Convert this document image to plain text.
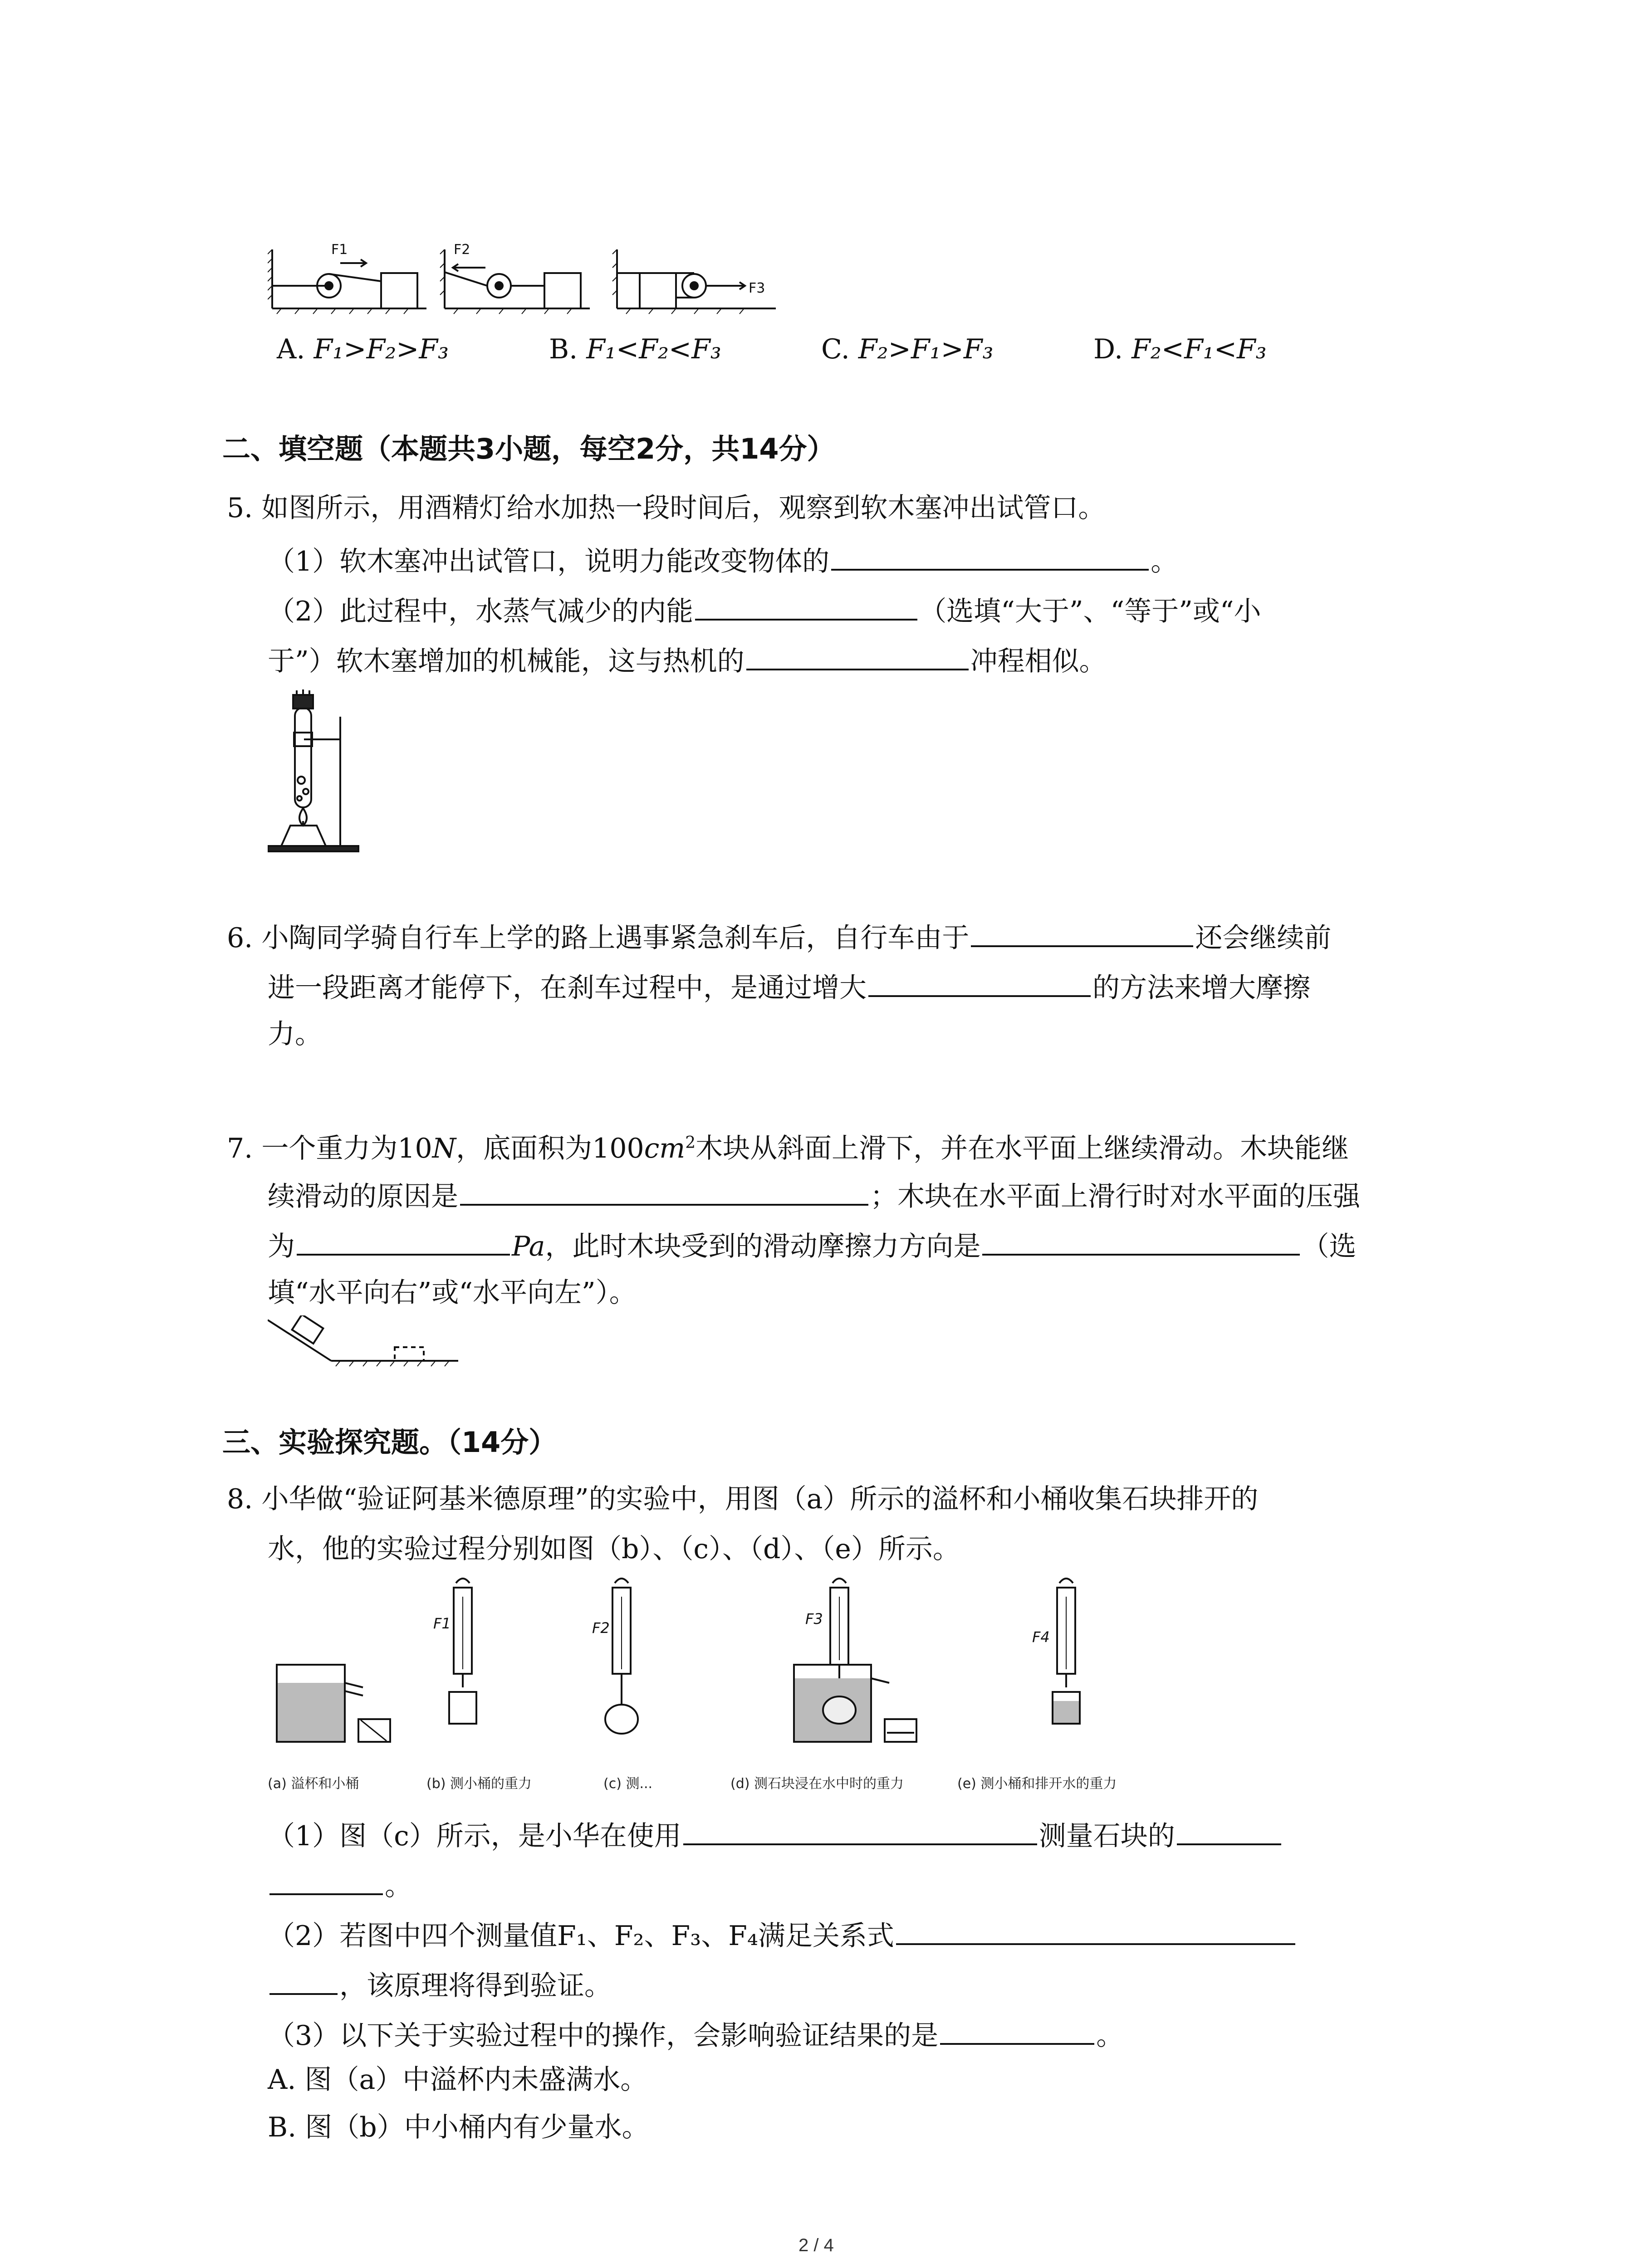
F1	F2
F3
A. F₁>F₂>F₃	B. F₁<F₂<F₃	C. F₂>F₁>F₃	D. F₂<F₁<F₃
二、填空题（本题共3小题，每空2分，共14分）
5. 如图所示，用酒精灯给水加热一段时间后，观察到软木塞冲出试管口。
（1）软木塞冲出试管口，说明力能改变物体的	。
（2）此过程中，水蒸气减少的内能	（选填“大于”、“等于”或“小
于”）软木塞增加的机械能，这与热机的	冲程相似。
6. 小陶同学骑自行车上学的路上遇事紧急刹车后，自行车由于	还会继续前
进一段距离才能停下，在刹车过程中，是通过增大	的方法来增大摩擦
力。
7. 一个重力为10N，底面积为$100cm^2$木块从斜面上滑下，并在水平面上继续滑动。木块能继
续滑动的原因是	；木块在水平面上滑行时对水平面的压强
为	Pa，此时木块受到的滑动摩擦力方向是	（选
填“水平向右”或“水平向左”）。
三、实验探究题。（14分）
8. 小华做“验证阿基米德原理”的实验中，用图（a）所示的溢杯和小桶收集石块排开的
水，他的实验过程分别如图（b）、（c）、（d）、（e）所示。
F1	F2
F3
F4
(a) 溢杯和小桶	(b) 测小桶的重力	(c) 测...	(d) 测石块浸在水中时的重力	(e) 测小桶和排开水的重力
（1）图（c）所示，是小华在使用	测量石块的
。
（2）若图中四个测量值F₁、F₂、F₃、F₄满足关系式
，该原理将得到验证。
（3）以下关于实验过程中的操作，会影响验证结果的是	。
A. 图（a）中溢杯内未盛满水。
B. 图（b）中小桶内有少量水。
2 / 4
